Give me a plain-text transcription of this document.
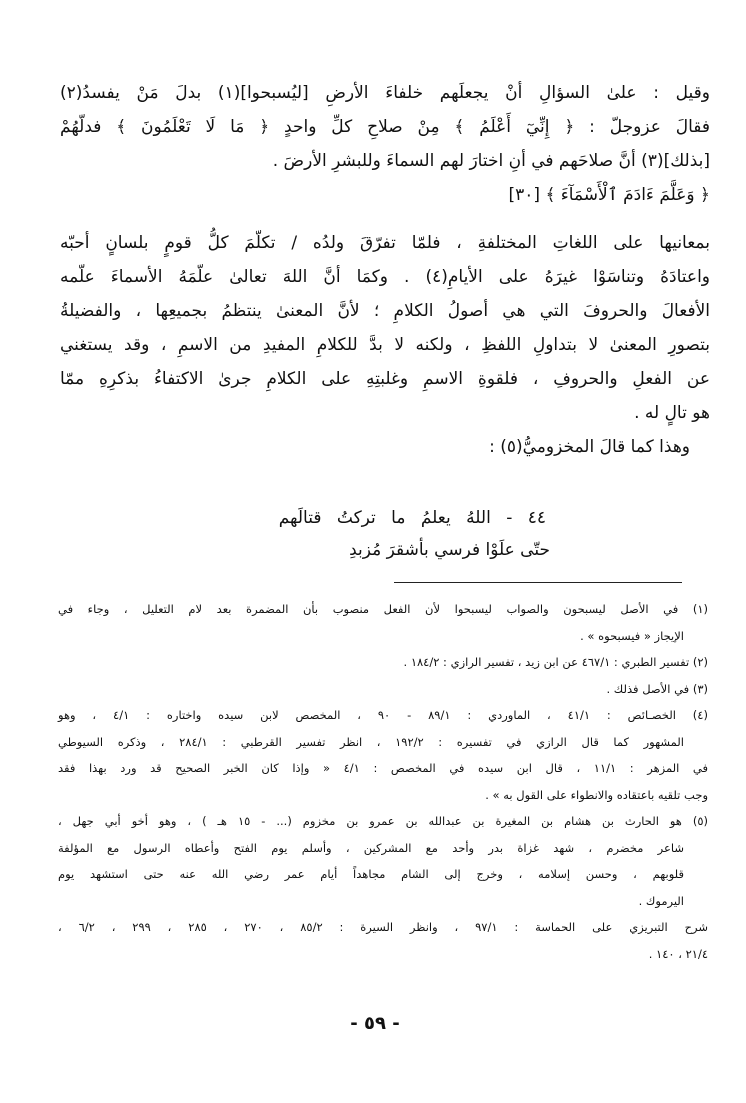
وقيل : علىٰ السؤالِ أنْ يجعلَهم خلفاءَ الأرضِ [ليُسبحوا](١) بدلَ مَنْ يفسدُ(٢)
فقالَ عزوجلّ : ﴿ إِنِّيٓ أَعْلَمُ ﴾ مِنْ صلاحِ كلِّ واحدٍ ﴿ مَا لَا تَعْلَمُونَ ﴾ فدلّهُمْ
[بذلك](٣) أنَّ صلاحَهم في أنِ اختارَ لهم السماءَ وللبشرِ الأرضَ .
﴿ وَعَلَّمَ ءَادَمَ ٱلْأَسْمَآءَ ﴾ [٣٠]
بمعانيها على اللغاتِ المختلفةِ ، فلمّا تفرّقَ ولدُه / تكلّمَ كلُّ قومٍ بلسانٍ أحبّه
واعتادَهُ وتناسَوْا غيرَهُ على الأيامِ(٤) . وكمَا أنَّ اللهَ تعالىٰ علّمَهُ الأسماءَ علّمه
الأفعالَ والحروفَ التي هي أصولُ الكلامِ ؛ لأنَّ المعنىٰ ينتظمُ بجميعِها ، والفضيلةُ
بتصورِ المعنىٰ لا بتداولِ اللفظِ ، ولكنه لا بدَّ للكلامِ المفيدِ من الاسمِ ، وقد يستغني
عن الفعلِ والحروفِ ، فلقوةِ الاسمِ وغلبتِهِ على الكلامِ جرىٰ الاكتفاءُ بذكرِهِ ممّا
هو تالٍ له .
وهذا كما قالَ المخزوميُّ(٥) :
٤٤ - اللهُ يعلمُ ما تركتُ قتالَهم
حتّى علَوْا فرسي بأشقرَ مُزبدِ
(١) في الأصل ليسبحون والصواب ليسبحوا لأن الفعل منصوب بأن المضمرة بعد لام التعليل ، وجاء في
الإيجاز « فيسبحوه » .
(٢) تفسير الطبري : ٤٦٧/١ عن ابن زيد ، تفسير الرازي : ١٨٤/٢ .
(٣) في الأصل فذلك .
(٤) الخصـائص : ٤١/١ ، الماوردي : ٨٩/١ - ٩٠ ، المخصص لابن سيده واختاره : ٤/١ ، وهو
المشهور كما قال الرازي في تفسيره : ١٩٢/٢ ، انظر تفسير القرطبي : ٢٨٤/١ ، وذكره السيوطي
في المزهر : ١١/١ ، قال ابن سيده في المخصص : ٤/١ « وإذا كان الخبر الصحيح قد ورد بهذا فقد
وجب تلقيه باعتقاده والانطواء على القول به » .
(٥) هو الحارث بن هشام بن المغيرة بن عبدالله بن عمرو بن مخزوم (... - ١٥ هـ ) ، وهو أخو أبي جهل ،
شاعر مخضرم ، شهد غزاة بدر وأحد مع المشركين ، وأسلم يوم الفتح وأعطاه الرسول مع المؤلفة
قلوبهم ، وحسن إسلامه ، وخرج إلى الشام مجاهداً أيام عمر رضي الله عنه حتى استشهد يوم
اليرموك .
شرح التبريزي على الحماسة : ٩٧/١ ، وانظر السيرة : ٨٥/٢ ، ٢٧٠ ، ٢٨٥ ، ٢٩٩ ، ٦/٢ ،
٢١/٤ ، ١٤٠ .
- ٥٩ -
